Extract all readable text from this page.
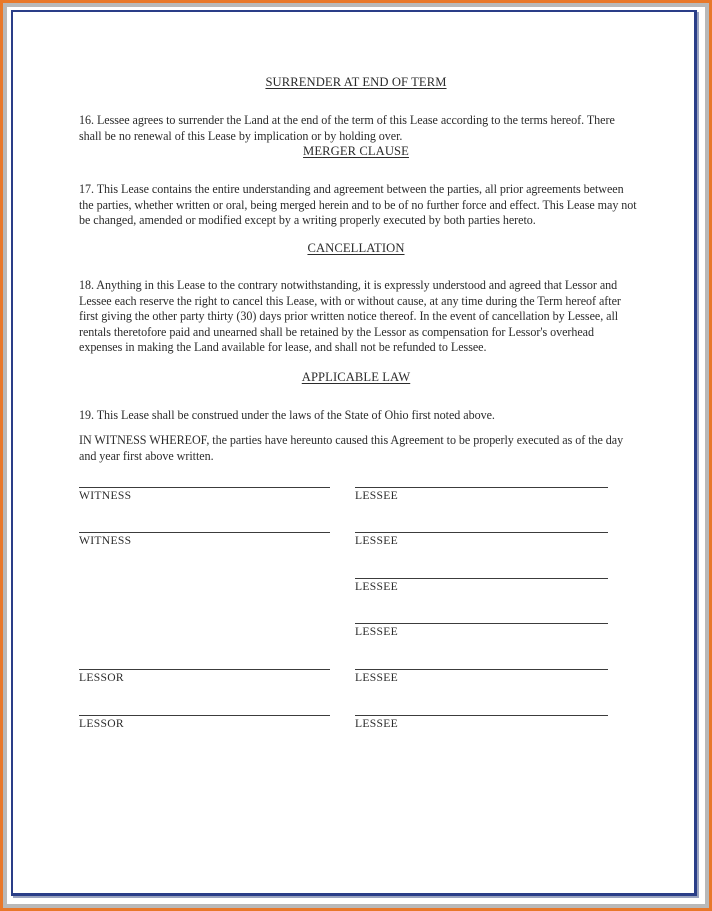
SURRENDER AT END OF TERM

16. Lessee agrees to surrender the Land at the end of the term of this Lease according to the terms hereof. There shall be no renewal of this Lease by implication or by holding over.

MERGER CLAUSE

17. This Lease contains the entire understanding and agreement between the parties, all prior agreements between the parties, whether written or oral, being merged herein and to be of no further force and effect. This Lease may not be changed, amended or modified except by a writing properly executed by both parties hereto.

CANCELLATION

18. Anything in this Lease to the contrary notwithstanding, it is expressly understood and agreed that Lessor and Lessee each reserve the right to cancel this Lease, with or without cause, at any time during the Term hereof after first giving the other party thirty (30) days prior written notice thereof. In the event of cancellation by Lessee, all rentals theretofore paid and unearned shall be retained by the Lessor as compensation for Lessor's overhead expenses in making the Land available for lease, and shall not be refunded to Lessee.

APPLICABLE LAW

19. This Lease shall be construed under the laws of the State of Ohio first noted above.

IN WITNESS WHEREOF, the parties have hereunto caused this Agreement to be properly executed as of the day and year first above written.

WITNESS
WITNESS
LESSOR
LESSOR
LESSEE
LESSEE
LESSEE
LESSEE
LESSEE
LESSEE
